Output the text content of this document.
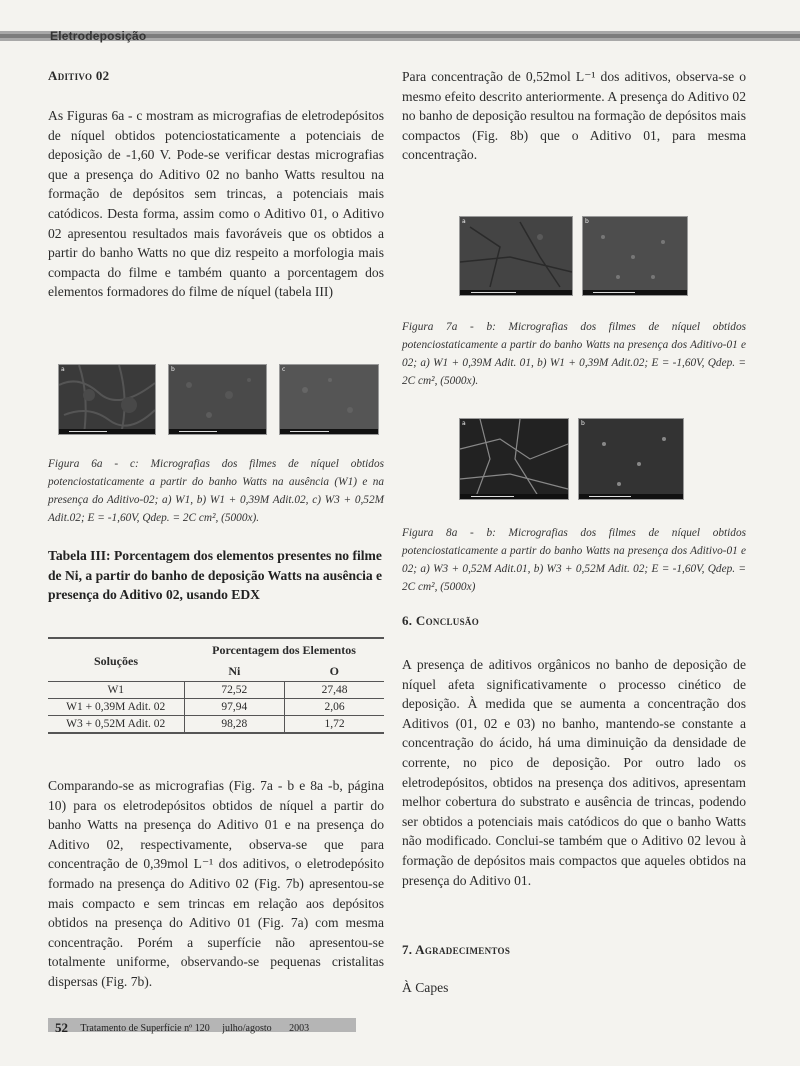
Eletrodeposição
Aditivo 02

As Figuras 6a - c mostram as micrografias de eletrodepósitos de níquel obtidos potenciostaticamente a potenciais de deposição de -1,60 V. Pode-se verificar destas micrografias que a presença do Aditivo 02 no banho Watts resultou na formação de depósitos sem trincas, a potenciais mais catódicos. Desta forma, assim como o Aditivo 01, o Aditivo 02 apresentou resultados mais favoráveis que os obtidos a partir do banho Watts no que diz respeito a morfologia mais compacta do filme e também quanto a porcentagem dos elementos formadores do filme de níquel (tabela III)

a	b	c

Figura 6a - c: Micrografias dos filmes de níquel obtidos potenciostaticamente a partir do banho Watts na ausência (W1) e na presença do Aditivo-02; a) W1, b) W1 + 0,39M Adit.02, c) W3 + 0,52M Adit.02; E = -1,60V, Qdep. = 2C cm², (5000x).

Tabela III: Porcentagem dos elementos presentes no filme de Ni, a partir do banho de deposição Watts na ausência e presença do Aditivo 02, usando EDX

Soluções	Porcentagem dos Elementos	
	Ni	O
W1	72,52	27,48
W1 + 0,39M Adit. 02	97,94	2,06
W3 + 0,52M Adit. 02	98,28	1,72

Comparando-se as micrografias (Fig. 7a - b e 8a -b, página 10) para os eletrodepósitos obtidos de níquel a partir do banho Watts na presença do Aditivo 01 e na presença do Aditivo 02, respectivamente, observa-se que para concentração de 0,39mol L⁻¹ dos aditivos, o eletrodepósito formado na presença do Aditivo 02 (Fig. 7b) apresentou-se mais compacto e sem trincas em relação aos depósitos obtidos na presença do Aditivo 01 (Fig. 7a) com mesma concentração. Porém a superfície não apresentou-se totalmente uniforme, observando-se pequenas cristalitas dispersas (Fig. 7b).

Para concentração de 0,52mol L⁻¹ dos aditivos, observa-se o mesmo efeito descrito anteriormente. A presença do Aditivo 02 no banho de deposição resultou na formação de depósitos mais compactos (Fig. 8b) que o Aditivo 01, para mesma concentração.

a	b

Figura 7a - b: Micrografias dos filmes de níquel obtidos potenciostaticamente a partir do banho Watts na presença dos Aditivo-01 e 02; a) W1 + 0,39M Adit. 01, b) W1 + 0,39M Adit.02; E = -1,60V, Qdep. = 2C cm², (5000x).

a	b

Figura 8a - b: Micrografias dos filmes de níquel obtidos potenciostaticamente a partir do banho Watts na presença dos Aditivo-01 e 02; a) W3 + 0,52M Adit.01, b) W3 + 0,52M Adit. 02; E = -1,60V, Qdep. = 2C cm², (5000x)

6. Conclusão

A presença de aditivos orgânicos no banho de deposição de níquel afeta significativamente o processo cinético de deposição. À medida que se aumenta a concentração dos Aditivos (01, 02 e 03) no banho, mantendo-se constante a concentração do ácido, há uma diminuição da densidade de corrente, no pico de deposição. Por outro lado os eletrodepósitos, obtidos na presença dos aditivos, apresentam melhor cobertura do substrato e ausência de trincas, podendo ser obtidos a potenciais mais catódicos do que o banho Watts não modificado. Conclui-se também que o Aditivo 02 levou à formação de depósitos mais compactos que aqueles obtidos na presença do Aditivo 01.

7. Agradecimentos

À Capes

52 Tratamento de Superfície nº 120 julho/agosto 2003
